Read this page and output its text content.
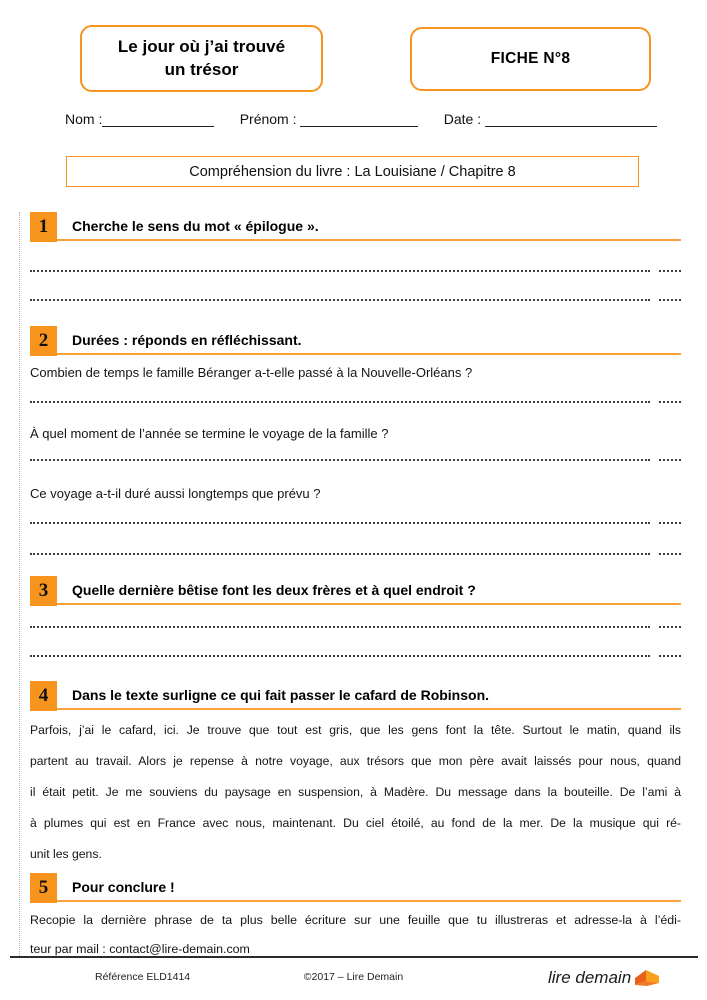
Le jour où j’ai trouvé
un trésor
FICHE N°8
Nom :	Prénom :	Date :
Compréhension du livre : La Louisiane / Chapitre 8
1	Cherche le sens du mot « épilogue ».
2	Durées : réponds en réfléchissant.
Combien de temps le famille Béranger a-t-elle passé à la Nouvelle-Orléans ?
À quel moment de l’année se termine le voyage de la famille ?
Ce voyage a-t-il duré aussi longtemps que prévu ?
3	Quelle dernière bêtise font les deux frères et à quel endroit ?
4	Dans le texte surligne ce qui fait passer le cafard de Robinson.
Parfois, j’ai le cafard, ici. Je trouve que tout est gris, que les gens font la tête. Surtout le matin, quand ils
partent au travail. Alors je repense à notre voyage, aux trésors que mon père avait laissés pour nous, quand
il était petit. Je me souviens du paysage en suspension, à Madère. Du message dans la bouteille. De l’ami à
à plumes qui est en France avec nous, maintenant. Du ciel étoilé, au fond de la mer. De la musique qui ré-
unit les gens.
5	Pour conclure !
Recopie la dernière phrase de ta plus belle écriture sur une feuille que tu illustreras et adresse-la à l’édi-
teur par mail : contact@lire-demain.com
Référence ELD1414	©2017 – Lire Demain	lire demain
